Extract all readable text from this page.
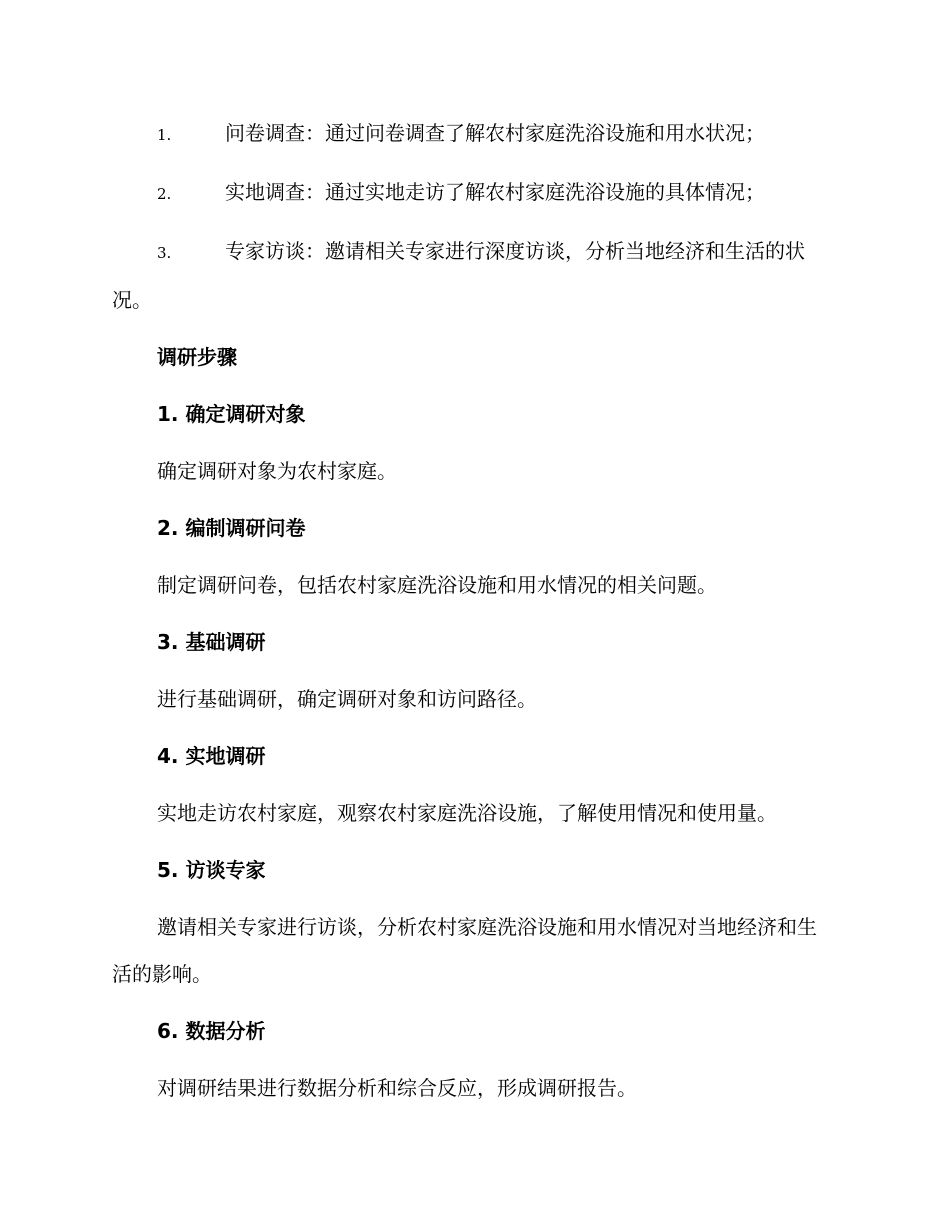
1.	问卷调查：通过问卷调查了解农村家庭洗浴设施和用水状况；
2.	实地调查：通过实地走访了解农村家庭洗浴设施的具体情况；
3.	专家访谈：邀请相关专家进行深度访谈，分析当地经济和生活的状况。
调研步骤
1. 确定调研对象
确定调研对象为农村家庭。
2. 编制调研问卷
制定调研问卷，包括农村家庭洗浴设施和用水情况的相关问题。
3. 基础调研
进行基础调研，确定调研对象和访问路径。
4. 实地调研
实地走访农村家庭，观察农村家庭洗浴设施，了解使用情况和使用量。
5. 访谈专家
邀请相关专家进行访谈，分析农村家庭洗浴设施和用水情况对当地经济和生活的影响。
6. 数据分析
对调研结果进行数据分析和综合反应，形成调研报告。
